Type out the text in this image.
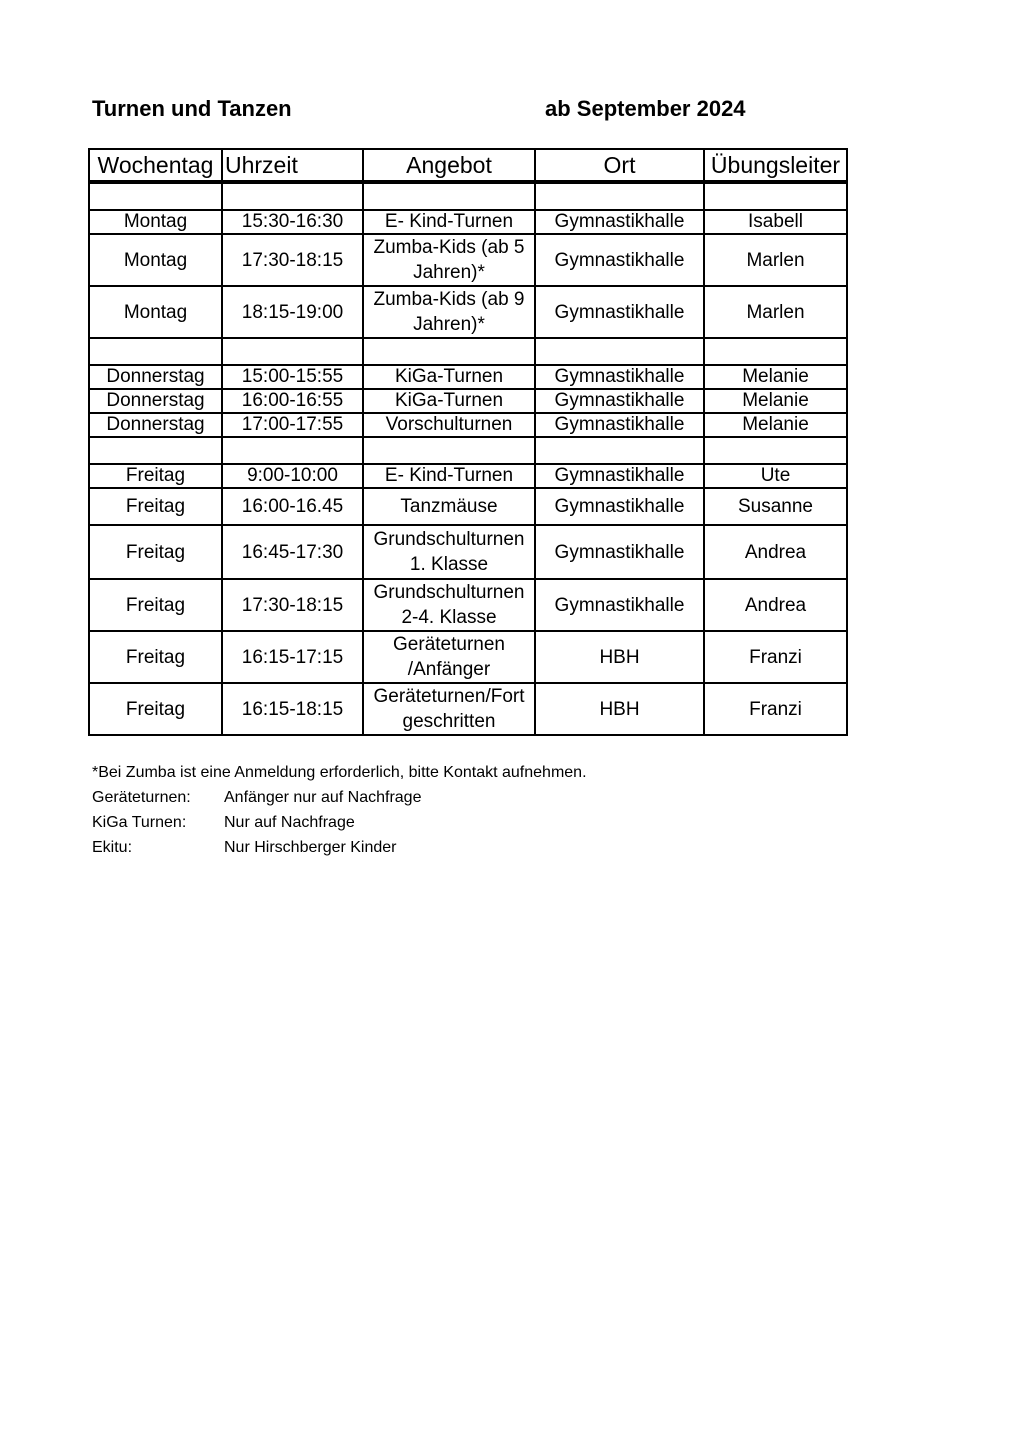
Turnen und Tanzen	ab September 2024
Wochentag	Uhrzeit	Angebot	Ort	Übungsleiter

Montag	15:30-16:30	E- Kind-Turnen	Gymnastikhalle	Isabell
Montag	17:30-18:15	Zumba-Kids (ab 5 Jahren)*	Gymnastikhalle	Marlen
Montag	18:15-19:00	Zumba-Kids (ab 9 Jahren)*	Gymnastikhalle	Marlen

Donnerstag	15:00-15:55	KiGa-Turnen	Gymnastikhalle	Melanie
Donnerstag	16:00-16:55	KiGa-Turnen	Gymnastikhalle	Melanie
Donnerstag	17:00-17:55	Vorschulturnen	Gymnastikhalle	Melanie

Freitag	9:00-10:00	E- Kind-Turnen	Gymnastikhalle	Ute
Freitag	16:00-16.45	Tanzmäuse	Gymnastikhalle	Susanne
Freitag	16:45-17:30	Grundschulturnen 1. Klasse	Gymnastikhalle	Andrea
Freitag	17:30-18:15	Grundschulturnen 2-4. Klasse	Gymnastikhalle	Andrea
Freitag	16:15-17:15	Geräteturnen /Anfänger	HBH	Franzi
Freitag	16:15-18:15	Geräteturnen/Fort geschritten	HBH	Franzi
*Bei Zumba ist eine Anmeldung erforderlich, bitte Kontakt aufnehmen.
Geräteturnen:	Anfänger nur auf Nachfrage
KiGa Turnen:	Nur auf Nachfrage
Ekitu:	Nur Hirschberger Kinder
